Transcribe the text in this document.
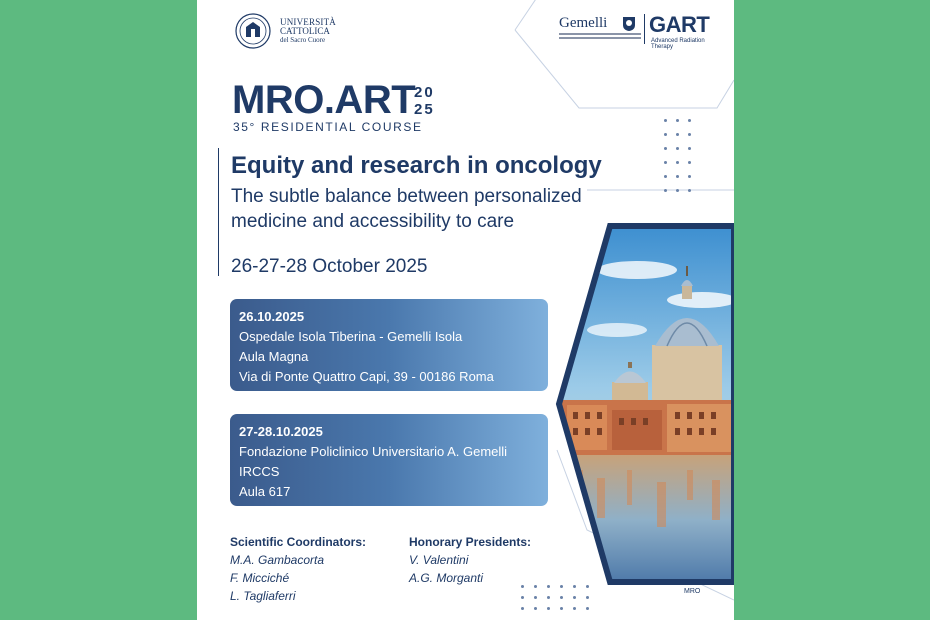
UNIVERSITÀ
CATTOLICA
del Sacro Cuore
Gemelli GART
Advanced Radiation Therapy
MRO.ART
20
25
35° RESIDENTIAL COURSE
Equity and research in oncology
The subtle balance between personalized medicine and accessibility to care
26-27-28 October 2025
26.10.2025
Ospedale Isola Tiberina - Gemelli Isola
Aula Magna
Via di Ponte Quattro Capi, 39 - 00186 Roma
27-28.10.2025
Fondazione Policlinico Universitario A. Gemelli IRCCS
Aula 617
Largo Agostino Gemelli, 8 - 00168 Roma
Scientific Coordinators:
M.A. Gambacorta
F. Micciché
L. Tagliaferri
Honorary Presidents:
V. Valentini
A.G. Morganti
MRO
